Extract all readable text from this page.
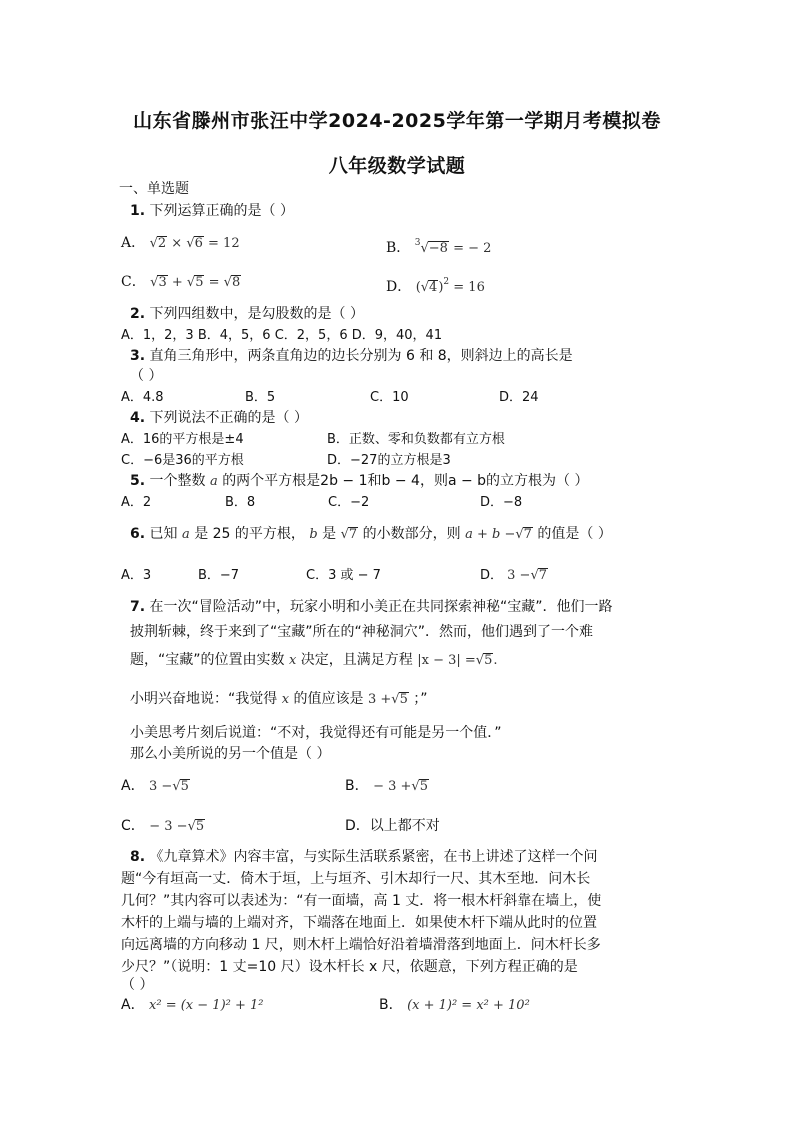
山东省滕州市张汪中学2024-2025学年第一学期月考模拟卷
八年级数学试题
一、单选题
1. 下列运算正确的是（ ）
A． √2 × √6 = 12	B． $^3$√−8 = − 2
C． √3 + √5 = √8	D． $(√4)^2 = 16$
2. 下列四组数中，是勾股数的是（ ）
A．1，2，3 B．4，5，6 C．2，5，6 D．9，40，41
3. 直角三角形中，两条直角边的边长分别为 6 和 8，则斜边上的高长是
（ ）
A．4.8	B．5	C．10	D．24
4. 下列说法不正确的是（ ）
A．16的平方根是±4	B．正数、零和负数都有立方根
C．−6是36的平方根	D．−27的立方根是3
5. 一个整数 a 的两个平方根是2b − 1和b − 4，则a − b的立方根为（ ）
A．2	B．8	C．−2	D．−8
6. 已知 a 是 25 的平方根， b 是 √7 的小数部分，则 a + b −√7 的值是（ ）
A．3	B．−7	C．3 或 − 7	D． 3 −√7
7. 在一次“冒险活动”中，玩家小明和小美正在共同探索神秘“宝藏”．他们一路
披荆斩棘，终于来到了“宝藏”所在的“神秘洞穴”．然而，他们遇到了一个难
题，“宝藏”的位置由实数 x 决定，且满足方程 |x − 3| =√5.
小明兴奋地说：“我觉得 x 的值应该是 3 +√5 ；”
小美思考片刻后说道：“不对，我觉得还有可能是另一个值．”
那么小美所说的另一个值是（ ）
A． 3 −√5	B． − 3 +√5
C． − 3 −√5	D．以上都不对
8. 《九章算术》内容丰富，与实际生活联系紧密，在书上讲述了这样一个问
题“今有垣高一丈．倚木于垣，上与垣齐、引木却行一尺、其木至地．问木长
几何？”其内容可以表述为：“有一面墙，高 1 丈．将一根木杆斜靠在墙上，使
木杆的上端与墙的上端对齐，下端落在地面上．如果使木杆下端从此时的位置
向远离墙的方向移动 1 尺，则木杆上端恰好沿着墙滑落到地面上．问木杆长多
少尺？”（说明：1 丈=10 尺）设木杆长 x 尺，依题意，下列方程正确的是
（ ）
A． x² = (x − 1)² + 1²	B． (x + 1)² = x² + 10²
